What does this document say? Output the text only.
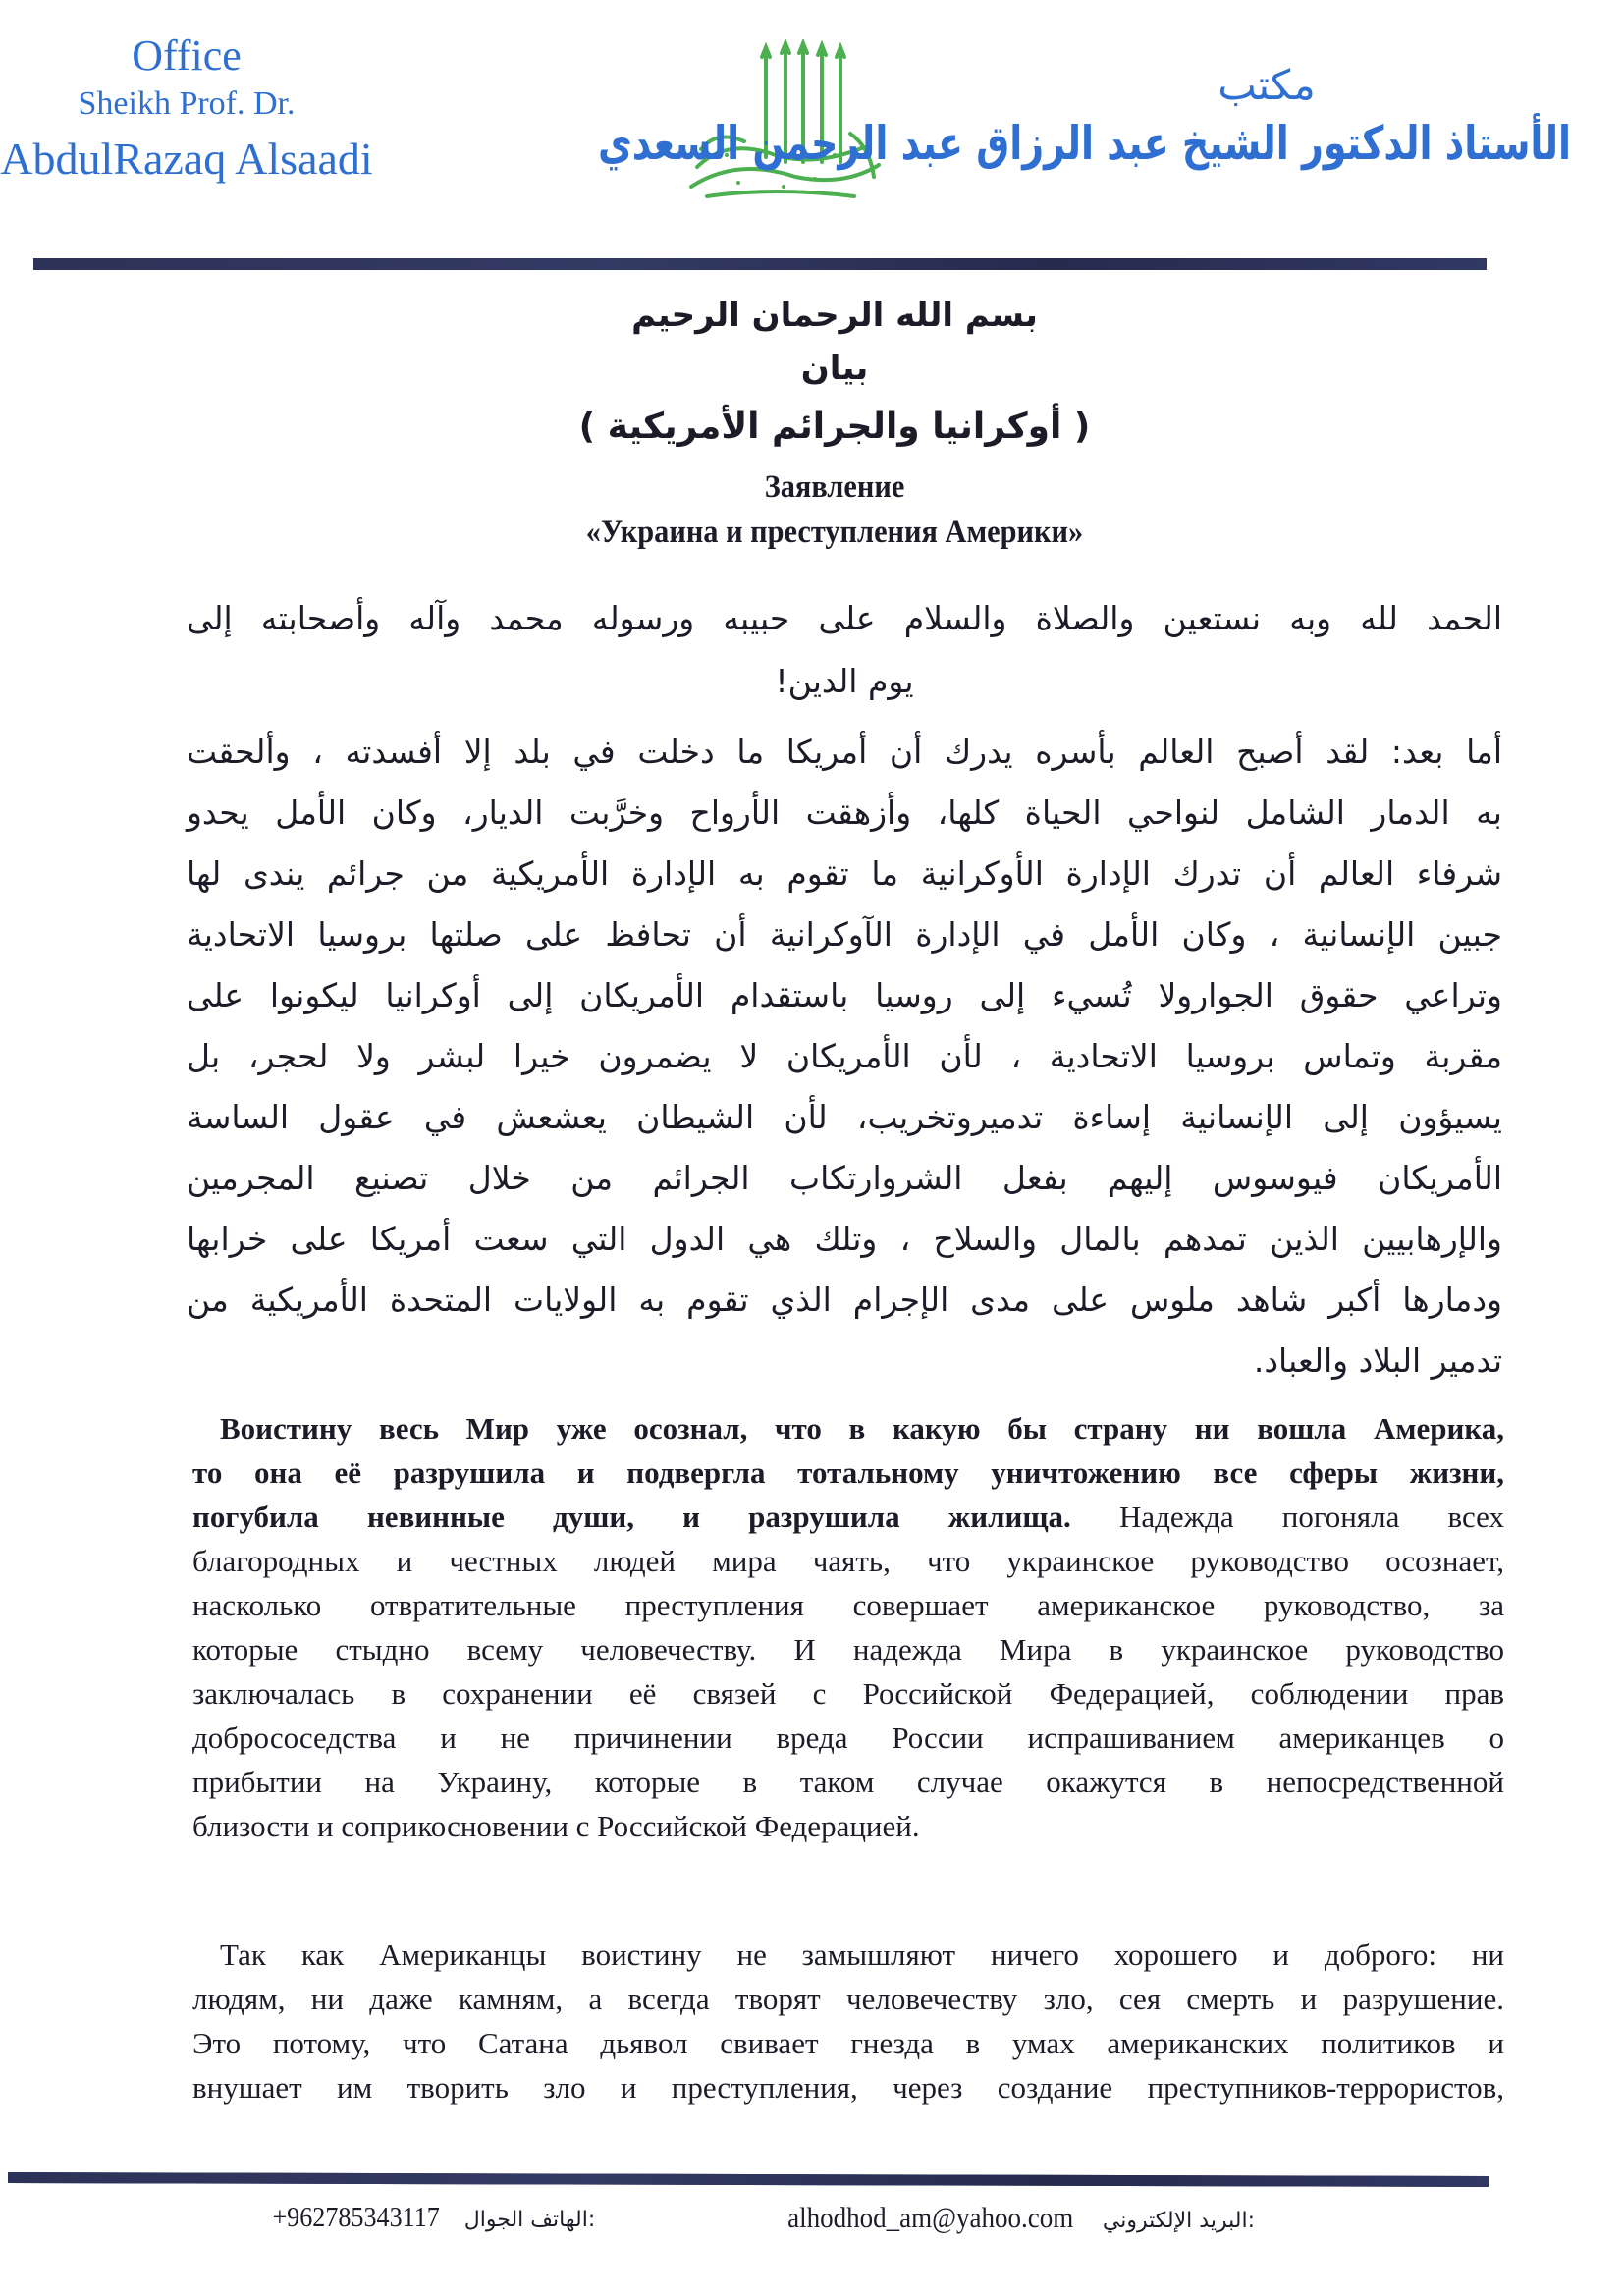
Office
Sheikh Prof. Dr.
AbdulRazaq Alsaadi
مكتب
الأستاذ الدكتور الشيخ عبد الرزاق عبد الرحمن السعدي
بسم الله الرحمان الرحيم
بيان
( أوكرانيا والجرائم الأمريكية )
Заявление
«Украина и преступления Америки»
الحمد لله وبه نستعين والصلاة والسلام على حبيبه ورسوله محمد وآله وأصحابته إلى
يوم الدين!
أما بعد: لقد أصبح العالم بأسره يدرك أن أمريكا ما دخلت في بلد إلا أفسدته ، وألحقت
به الدمار الشامل لنواحي الحياة كلها، وأزهقت الأرواح وخرَّبت الديار، وكان الأمل يحدو
شرفاء العالم أن تدرك الإدارة الأوكرانية ما تقوم به الإدارة الأمريكية من جرائم يندى لها
جبين الإنسانية ، وكان الأمل في الإدارة الآوكرانية أن تحافظ على صلتها بروسيا الاتحادية
وتراعي حقوق الجوارولا تُسيء إلى روسيا باستقدام الأمريكان إلى أوكرانيا ليكونوا على
مقربة وتماس بروسيا الاتحادية ، لأن الأمريكان لا يضمرون خيرا لبشر ولا لحجر، بل
يسيؤون إلى الإنسانية إساءة تدميروتخريب، لأن الشيطان يعشعش في عقول الساسة
الأمريكان فيوسوس إليهم بفعل الشروارتكاب الجرائم من خلال تصنيع المجرمين
والإرهابيين الذين تمدهم بالمال والسلاح ، وتلك هي الدول التي سعت أمريكا على خرابها
ودمارها أكبر شاهد ملوس على مدى الإجرام الذي تقوم به الولايات المتحدة الأمريكية من
تدمير البلاد والعباد.
Воистину весь Мир уже осознал, что в какую бы страну ни вошла Америка,
то она её разрушила и подвергла тотальному уничтожению все сферы жизни,
погубила невинные души, и разрушила жилища. Надежда погоняла всех
благородных и честных людей мира чаять, что украинское руководство осознает,
насколько отвратительные преступления совершает американское руководство, за
которые стыдно всему человечеству. И надежда Мира в украинское руководство
заключалась в сохранении её связей с Российской Федерацией, соблюдении прав
добрососедства и не причинении вреда России испрашиванием американцев о
прибытии на Украину, которые в таком случае окажутся в непосредственной
близости и соприкосновении с Российской Федерацией.
Так как Американцы воистину не замышляют ничего хорошего и доброго: ни
людям, ни даже камням, а всегда творят человечеству зло, сея смерть и разрушение.
Это потому, что Сатана дьявол свивает гнезда в умах американских политиков и
внушает им творить зло и преступления, через создание преступников-террористов,
+962785343117 الهاتف الجوال:	alhodhod_am@yahoo.com البريد الإلكتروني:
